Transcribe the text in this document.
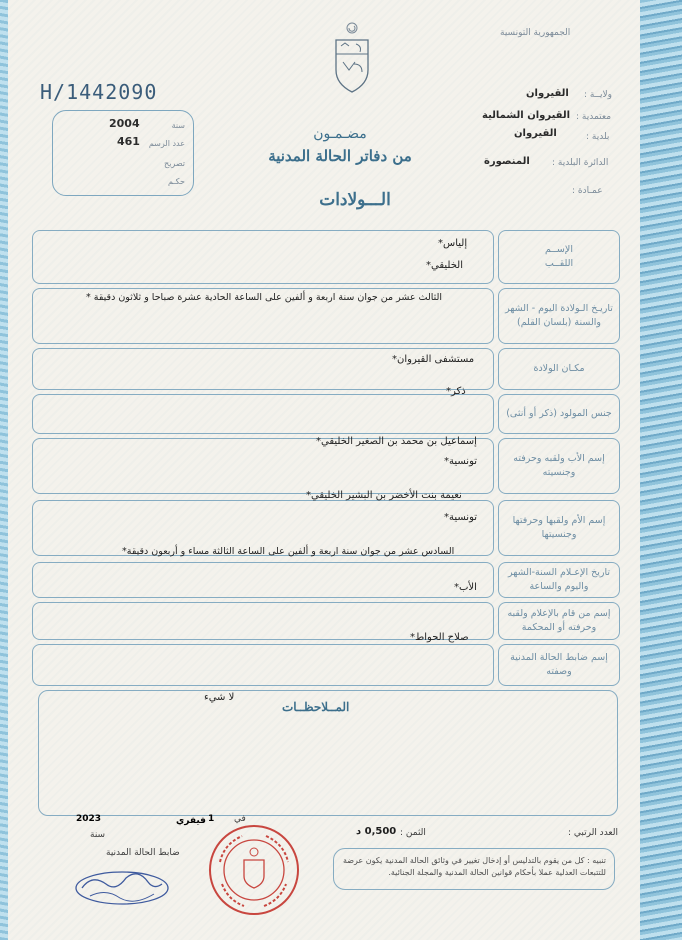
الجمهورية التونسية
H/1442090	ولايــة :
القيروان
معتمدية :
القيروان الشمالية
بلدية :
القيروان
الدائرة البلدية :
المنصورة
عمـادة :
سنة
2004
عدد الرسم
461
تصريح
حكـم
مضـمـون
من دفاتر الحالة المدنية
الـــولادات
الإســم
اللقــب
إلياس*
الخليقي*
تاريـخ الـولادة اليوم - الشهر والسنة (بلسان القلم)
الثالث عشر من جوان سنة اربعة و ألفين على الساعة الحادية عشرة صباحا و ثلاثون دقيقة *
مكـان الولادة
مستشفى القيروان*
جنس المولود (ذكر أو أنثى)
ذكر*
إسم الأب ولقبه وحرفته وجنسيته
إسماعيل بن محمد بن الصغير الخليقي*
تونسية*
إسم الأم ولقبها وحرفتها وجنسيتها
نعيمة بنت الأخضر بن البشير الخليقي*
تونسية*
تاريخ الإعـلام السنة-الشهر واليوم والساعة
السادس عشر من جوان سنة اربعة و ألفين على الساعة الثالثة مساء و أربعون دقيقة*
الأب*
إسم من قام بالإعلام ولقبه وحرفته أو المحكمة
صلاح الحواط*
إسم ضابط الحالة المدنية وصفته
المــلاحظــات
لا شيء
العدد الرتبي :
الثمن :
0,500 د
في
1
فيفري
2023
سنة
ضابط الحالة المدنية
تنبيه : كل من يقوم بالتدليس أو إدخال تغيير في وثائق الحالة المدنية يكون عرضة للتتبعات العدلية عملا بأحكام قوانين الحالة المدنية والمجلة الجنائية.
